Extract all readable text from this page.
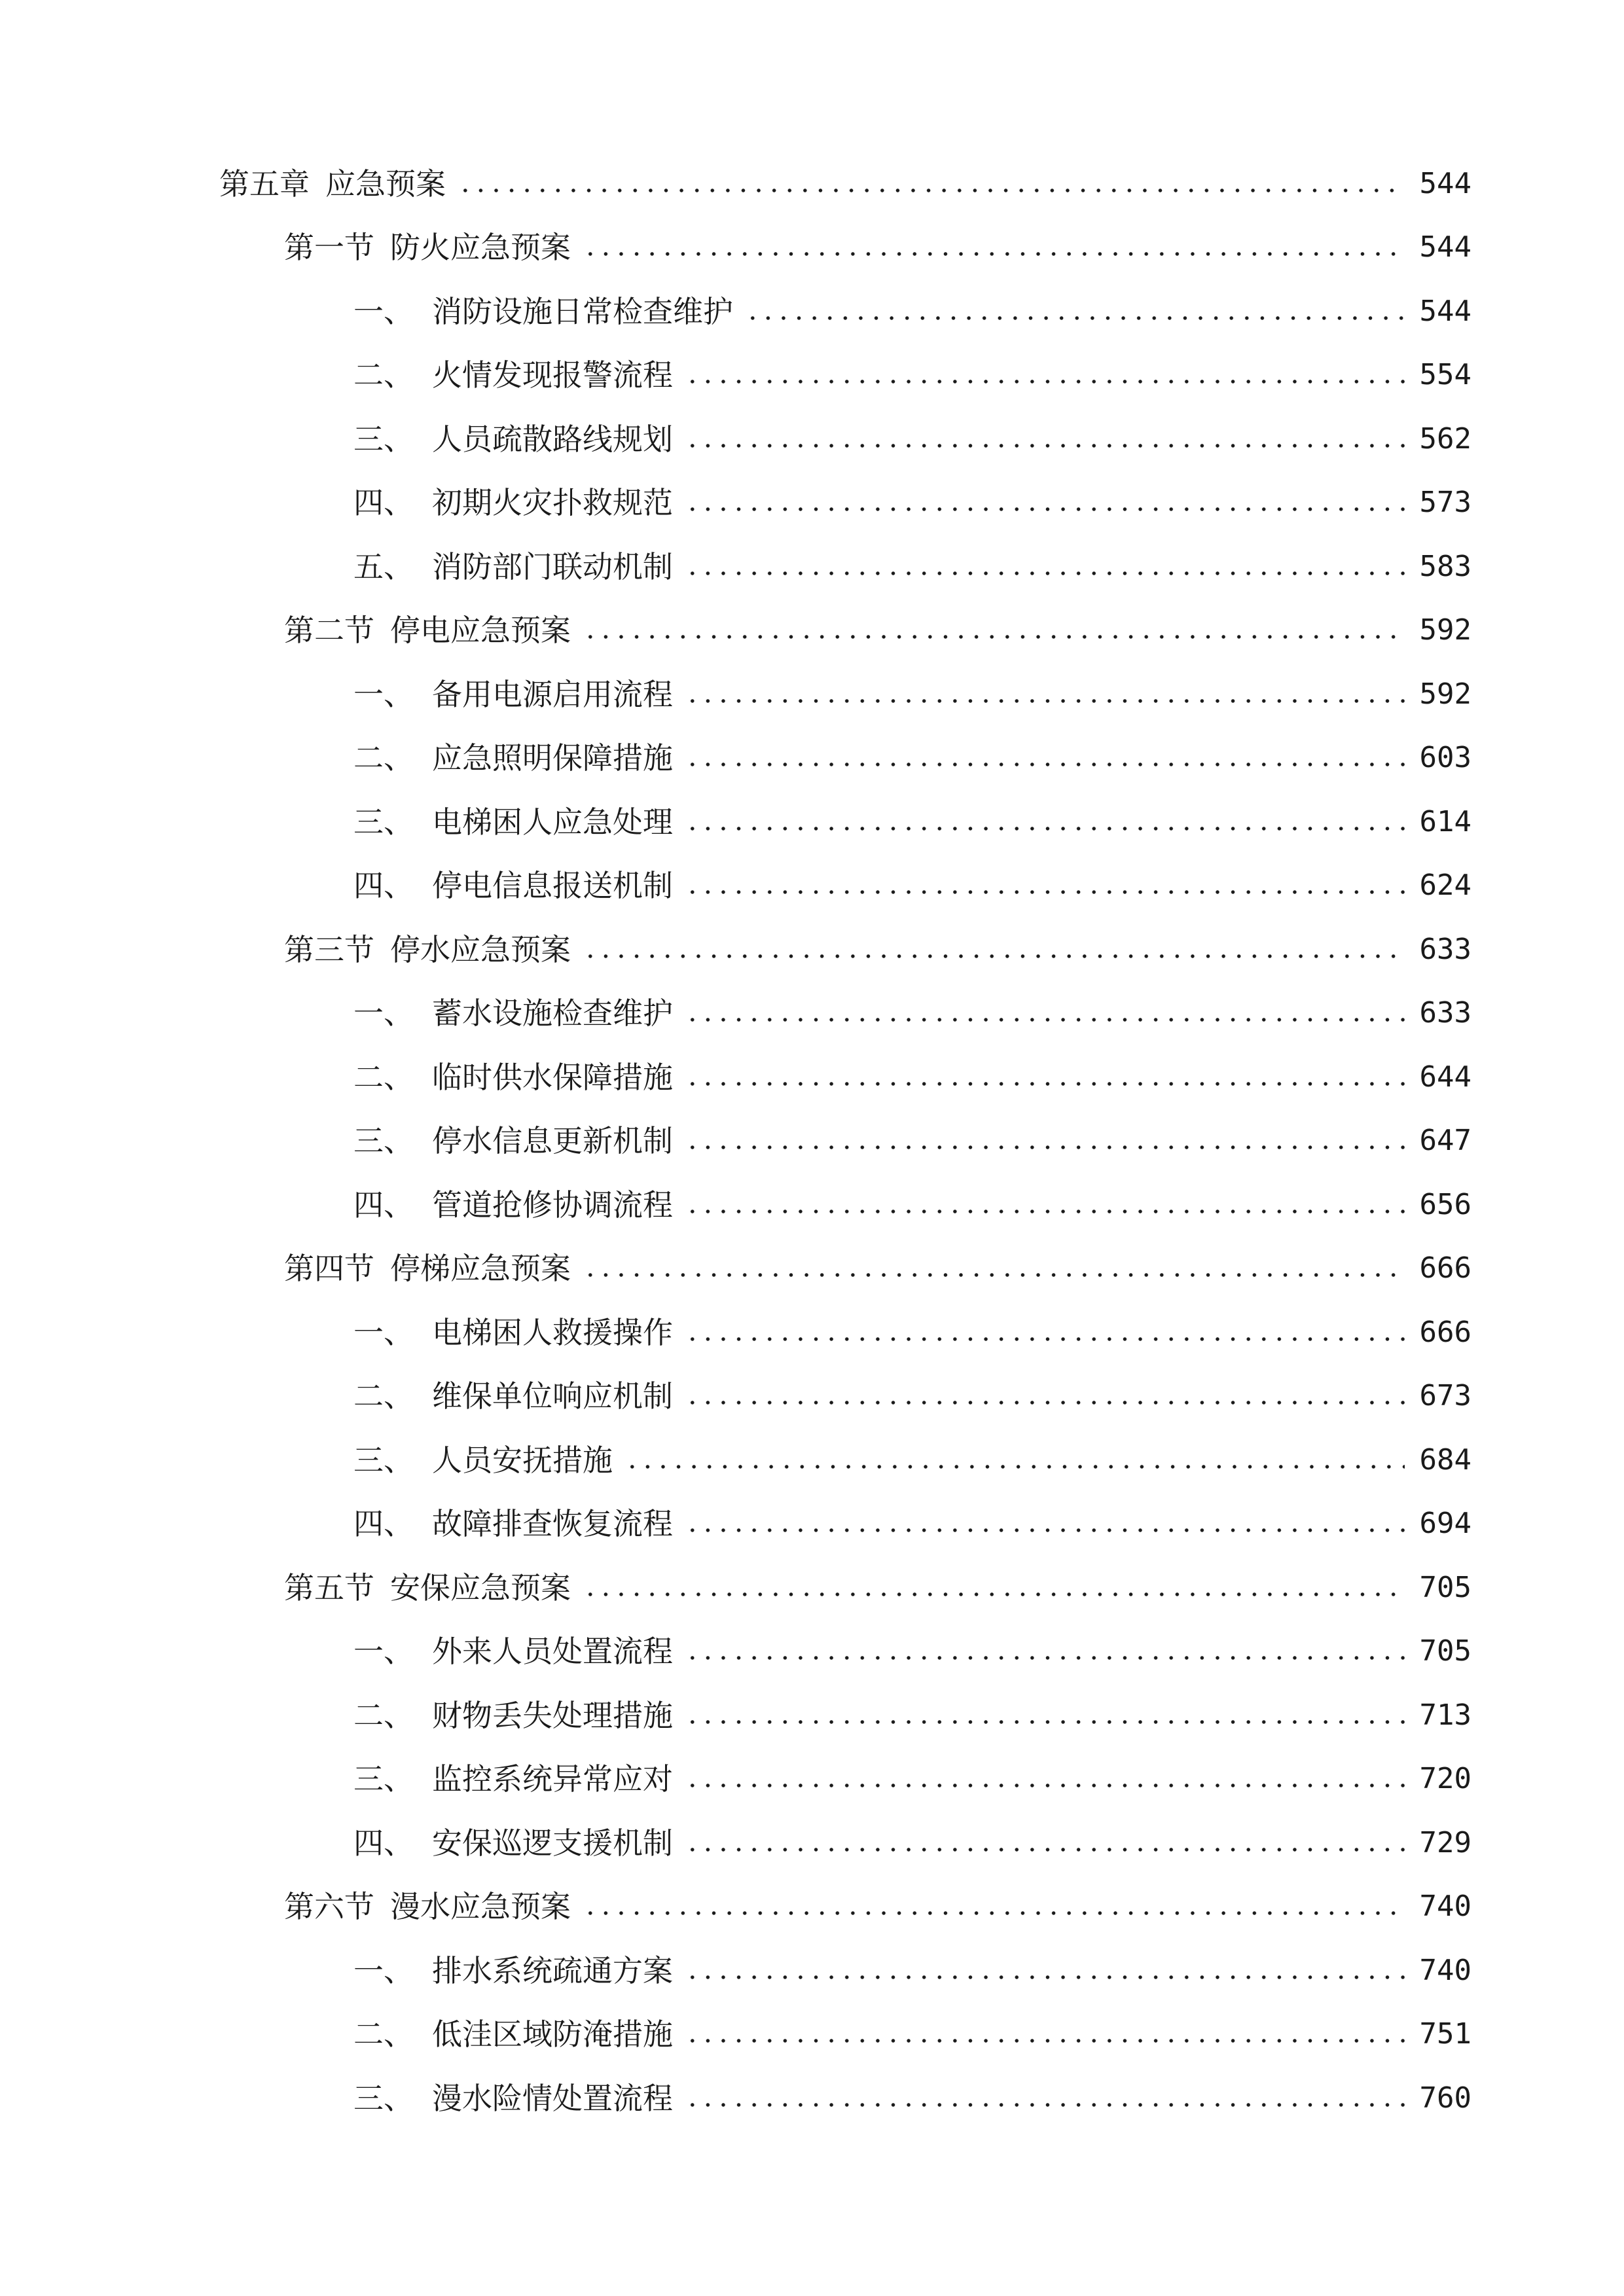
第五章 应急预案	544
第一节 防火应急预案	544
一、 消防设施日常检查维护	544
二、 火情发现报警流程	554
三、 人员疏散路线规划	562
四、 初期火灾扑救规范	573
五、 消防部门联动机制	583
第二节 停电应急预案	592
一、 备用电源启用流程	592
二、 应急照明保障措施	603
三、 电梯困人应急处理	614
四、 停电信息报送机制	624
第三节 停水应急预案	633
一、 蓄水设施检查维护	633
二、 临时供水保障措施	644
三、 停水信息更新机制	647
四、 管道抢修协调流程	656
第四节 停梯应急预案	666
一、 电梯困人救援操作	666
二、 维保单位响应机制	673
三、 人员安抚措施	684
四、 故障排查恢复流程	694
第五节 安保应急预案	705
一、 外来人员处置流程	705
二、 财物丢失处理措施	713
三、 监控系统异常应对	720
四、 安保巡逻支援机制	729
第六节 漫水应急预案	740
一、 排水系统疏通方案	740
二、 低洼区域防淹措施	751
三、 漫水险情处置流程	760
